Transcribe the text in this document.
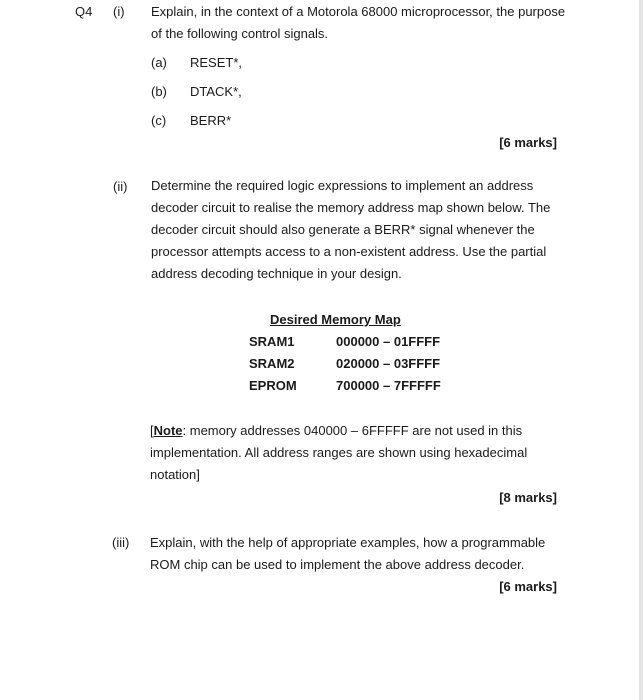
Q4 (i) Explain, in the context of a Motorola 68000 microprocessor, the purpose
of the following control signals.
(a) RESET*,
(b) DTACK*,
(c) BERR*
[6 marks]
(ii) Determine the required logic expressions to implement an address
decoder circuit to realise the memory address map shown below. The
decoder circuit should also generate a BERR* signal whenever the
processor attempts access to a non-existent address. Use the partial
address decoding technique in your design.
Desired Memory Map
SRAM1	000000 – 01FFFF
SRAM2	020000 – 03FFFF
EPROM	700000 – 7FFFFF
[Note: memory addresses 040000 – 6FFFFF are not used in this
implementation. All address ranges are shown using hexadecimal
notation]
[8 marks]
(iii) Explain, with the help of appropriate examples, how a programmable
ROM chip can be used to implement the above address decoder.
[6 marks]
